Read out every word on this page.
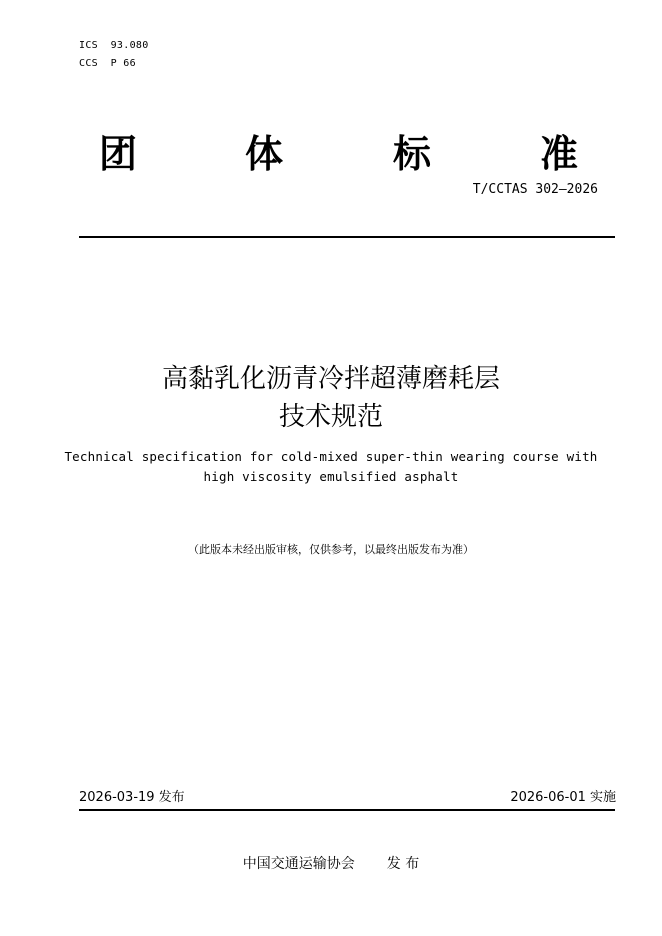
ICS  93.080
CCS  P 66
团	体	标	准
T/CCTAS 302—2026
高黏乳化沥青冷拌超薄磨耗层
技术规范
Technical specification for cold-mixed super-thin wearing course with
high viscosity emulsified asphalt
（此版本未经出版审核，仅供参考，以最终出版发布为准）
2026-03-19 发布	2026-06-01 实施
中国交通运输协会 发 布
